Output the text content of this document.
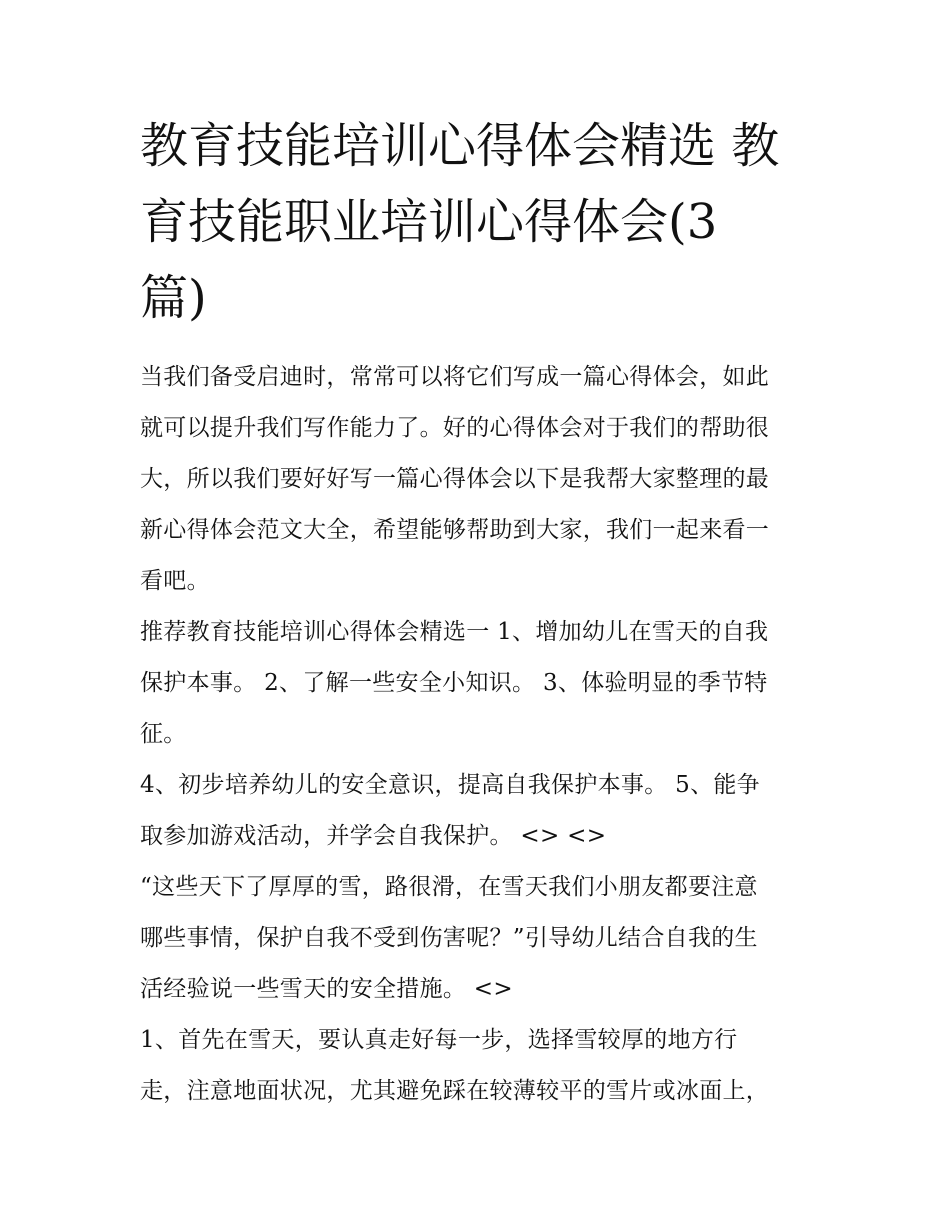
教育技能培训心得体会精选 教
育技能职业培训心得体会(3
篇)
当我们备受启迪时，常常可以将它们写成一篇心得体会，如此
就可以提升我们写作能力了。好的心得体会对于我们的帮助很
大，所以我们要好好写一篇心得体会以下是我帮大家整理的最
新心得体会范文大全，希望能够帮助到大家，我们一起来看一
看吧。
推荐教育技能培训心得体会精选一 1、增加幼儿在雪天的自我
保护本事。 2、了解一些安全小知识。 3、体验明显的季节特
征。
4、初步培养幼儿的安全意识，提高自我保护本事。 5、能争
取参加游戏活动，并学会自我保护。 <> <>
“这些天下了厚厚的雪，路很滑，在雪天我们小朋友都要注意
哪些事情，保护自我不受到伤害呢？”引导幼儿结合自我的生
活经验说一些雪天的安全措施。 <>
1、首先在雪天，要认真走好每一步，选择雪较厚的地方行
走，注意地面状况，尤其避免踩在较薄较平的雪片或冰面上，
